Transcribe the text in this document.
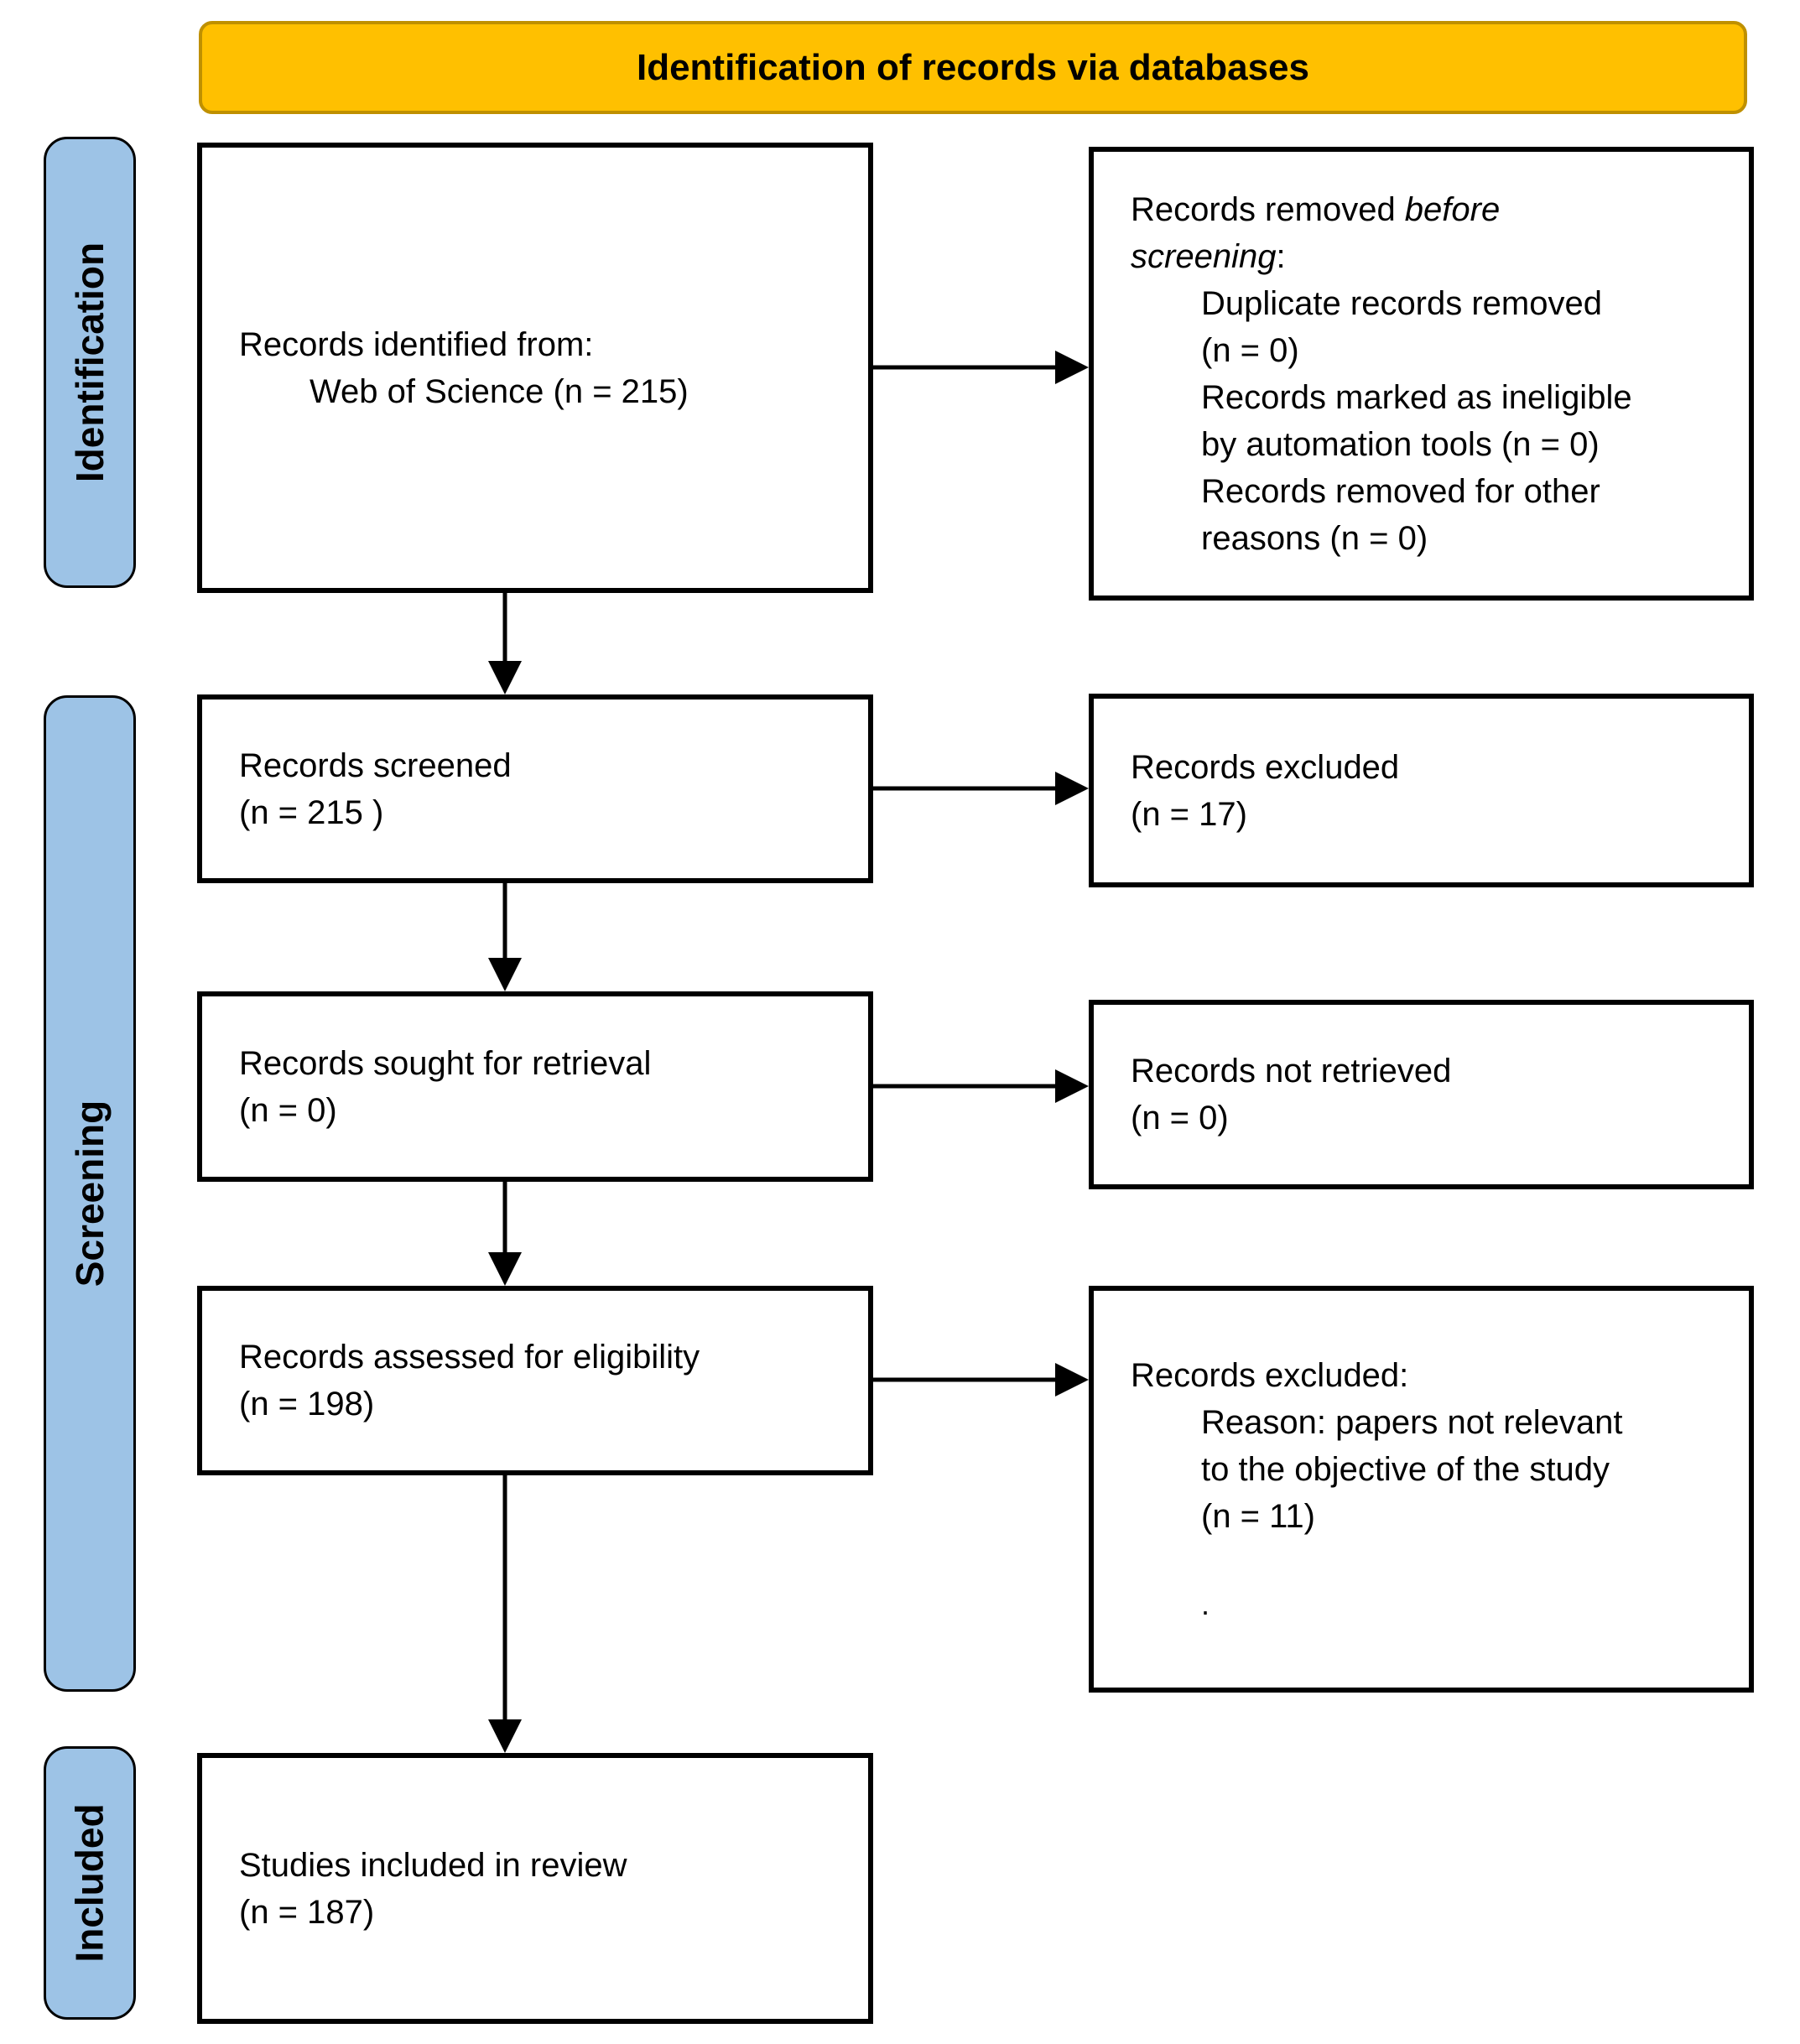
Identification of records via databases
Identification
Screening
Included
Records identified from:
Web of Science (n = 215)
Records removed before
screening:
Duplicate records removed
(n = 0)
Records marked as ineligible
by automation tools (n = 0)
Records removed for other
reasons (n = 0)
Records screened
(n = 215 )
Records excluded
(n = 17)
Records sought for retrieval
(n = 0)
Records not retrieved
(n = 0)
Records assessed for eligibility
(n = 198)
Records excluded:
Reason: papers not relevant
to the objective of the study
(n = 11)
.
Studies included in review
(n = 187)
